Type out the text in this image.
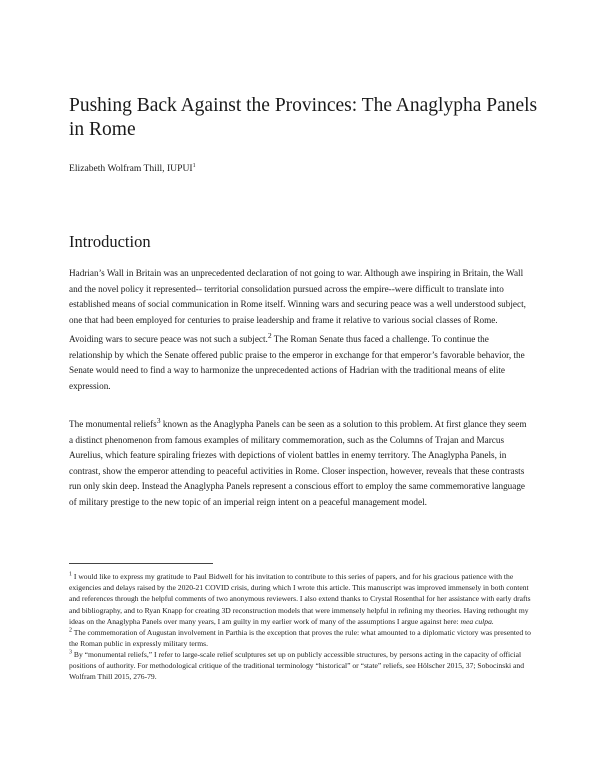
Pushing Back Against the Provinces: The Anaglypha Panels in Rome
Elizabeth Wolfram Thill, IUPUI$^1$
Introduction

Hadrian’s Wall in Britain was an unprecedented declaration of not going to war. Although awe inspiring in Britain, the Wall and the novel policy it represented-- territorial consolidation pursued across the empire--were difficult to translate into established means of social communication in Rome itself. Winning wars and securing peace was a well understood subject, one that had been employed for centuries to praise leadership and frame it relative to various social classes of Rome. Avoiding wars to secure peace was not such a subject.$^2$ The Roman Senate thus faced a challenge. To continue the relationship by which the Senate offered public praise to the emperor in exchange for that emperor’s favorable behavior, the Senate would need to find a way to harmonize the unprecedented actions of Hadrian with the traditional means of elite expression.

The monumental reliefs$^3$ known as the Anaglypha Panels can be seen as a solution to this problem. At first glance they seem a distinct phenomenon from famous examples of military commemoration, such as the Columns of Trajan and Marcus Aurelius, which feature spiraling friezes with depictions of violent battles in enemy territory. The Anaglypha Panels, in contrast, show the emperor attending to peaceful activities in Rome. Closer inspection, however, reveals that these contrasts run only skin deep. Instead the Anaglypha Panels represent a conscious effort to employ the same commemorative language of military prestige to the new topic of an imperial reign intent on a peaceful management model.

$^1$ I would like to express my gratitude to Paul Bidwell for his invitation to contribute to this series of papers, and for his gracious patience with the exigencies and delays raised by the 2020-21 COVID crisis, during which I wrote this article. This manuscript was improved immensely in both content and references through the helpful comments of two anonymous reviewers. I also extend thanks to Crystal Rosenthal for her assistance with early drafts and bibliography, and to Ryan Knapp for creating 3D reconstruction models that were immensely helpful in refining my theories. Having rethought my ideas on the Anaglypha Panels over many years, I am guilty in my earlier work of many of the assumptions I argue against here: mea culpa.

$^2$ The commemoration of Augustan involvement in Parthia is the exception that proves the rule: what amounted to a diplomatic victory was presented to the Roman public in expressly military terms.

$^3$ By “monumental reliefs,” I refer to large-scale relief sculptures set up on publicly accessible structures, by persons acting in the capacity of official positions of authority. For methodological critique of the traditional terminology “historical” or “state” reliefs, see Hölscher 2015, 37; Sobocinski and Wolfram Thill 2015, 276-79.
